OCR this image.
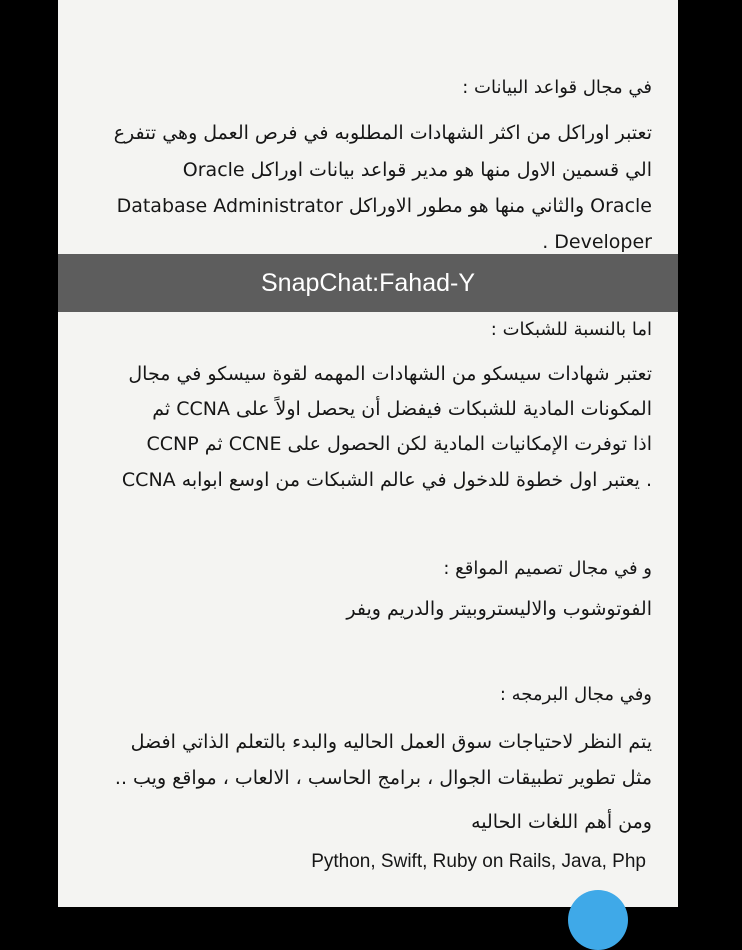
في مجال قواعد البيانات :
تعتبر اوراكل من اكثر الشهادات المطلوبه في فرص العمل وهي تتفرع
الي قسمين الاول منها هو مدير قواعد بيانات اوراكل Oracle
Database Administrator والثاني منها هو مطور الاوراكل Oracle
. Developer
اما بالنسبة للشبكات :
تعتبر شهادات سيسكو من الشهادات المهمه لقوة سيسكو في مجال
المكونات المادية للشبكات فيفضل أن يحصل اولاً على CCNA ثم
CCNP ثم CCNE اذا توفرت الإمكانيات المادية لكن الحصول على
CCNA يعتبر اول خطوة للدخول في عالم الشبكات من اوسع ابوابه .
و في مجال تصميم المواقع :
الفوتوشوب والاليستروبيتر والدريم ويفر
وفي مجال البرمجه :
يتم النظر لاحتياجات سوق العمل الحاليه والبدء بالتعلم الذاتي افضل
مثل تطوير تطبيقات الجوال ، برامج الحاسب ، الالعاب ، مواقع ويب ..
ومن أهم اللغات الحاليه
Python, Swift, Ruby on Rails, Java, Php
SnapChat:Fahad-Y
